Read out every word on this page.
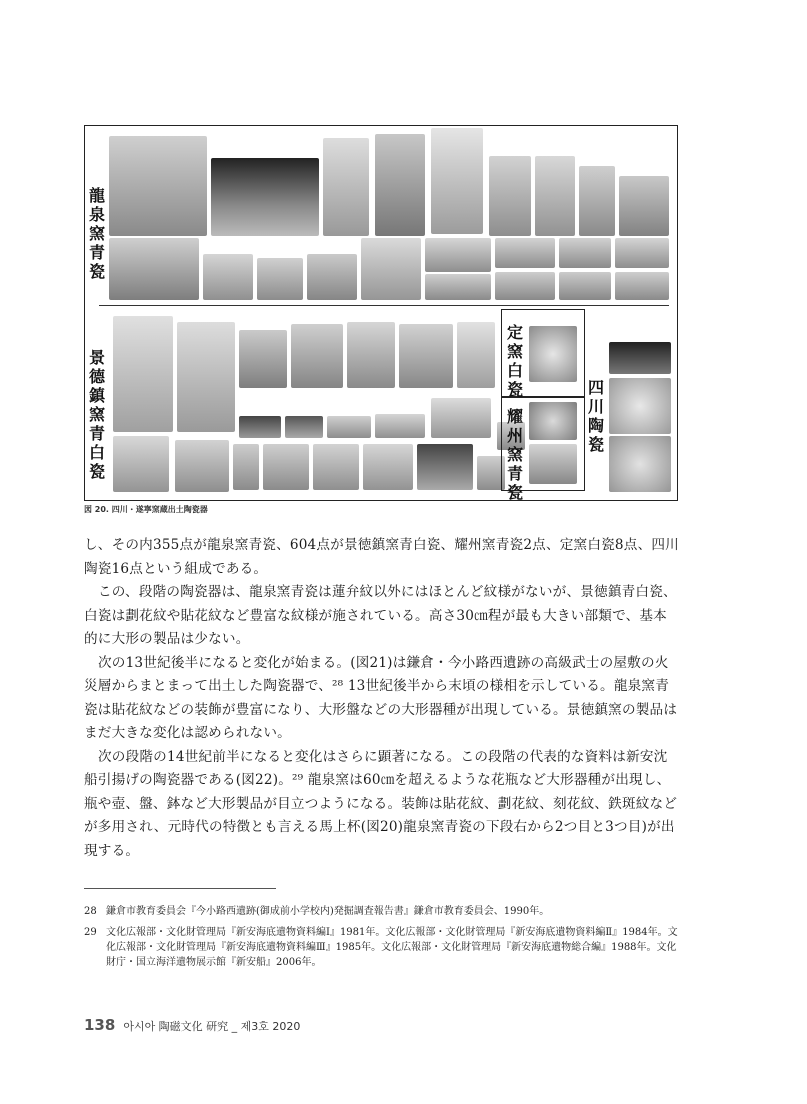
龍泉窯青瓷
景德鎮窯青白瓷
定窯白瓷
耀州窯青瓷
四川陶瓷
図 20. 四川・遂寧窯蔵出土陶瓷器

し、その内355点が龍泉窯青瓷、604点が景徳鎮窯青白瓷、耀州窯青瓷2点、定窯白瓷8点、四川陶瓷16点という組成である。

この、段階の陶瓷器は、龍泉窯青瓷は蓮弁紋以外にはほとんど紋様がないが、景徳鎮青白瓷、白瓷は劃花紋や貼花紋など豊富な紋様が施されている。高さ30㎝程が最も大きい部類で、基本的に大形の製品は少ない。

次の13世紀後半になると変化が始まる。(図21)は鎌倉・今小路西遺跡の高級武士の屋敷の火災層からまとまって出土した陶瓷器で、²⁸ 13世紀後半から末頃の様相を示している。龍泉窯青瓷は貼花紋などの装飾が豊富になり、大形盤などの大形器種が出現している。景徳鎮窯の製品はまだ大きな変化は認められない。

次の段階の14世紀前半になると変化はさらに顕著になる。この段階の代表的な資料は新安沈船引揚げの陶瓷器である(図22)。²⁹ 龍泉窯は60㎝を超えるような花瓶など大形器種が出現し、瓶や壺、盤、鉢など大形製品が目立つようになる。装飾は貼花紋、劃花紋、刻花紋、鉄斑紋などが多用され、元時代の特徴とも言える馬上杯(図20)龍泉窯青瓷の下段右から2つ目と3つ目)が出現する。

28 鎌倉市教育委員会『今小路西遺跡(御成前小学校内)発掘調査報告書』鎌倉市教育委員会、1990年。
29 文化広報部・文化財管理局『新安海底遺物資料編Ⅰ』1981年。文化広報部・文化財管理局『新安海底遺物資料編Ⅱ』1984年。文化広報部・文化財管理局『新安海底遺物資料編Ⅲ』1985年。文化広報部・文化財管理局『新安海底遺物総合編』1988年。文化財庁・国立海洋遺物展示館『新安船』2006年。
138 아시아 陶磁文化 研究 _ 제3호 2020
